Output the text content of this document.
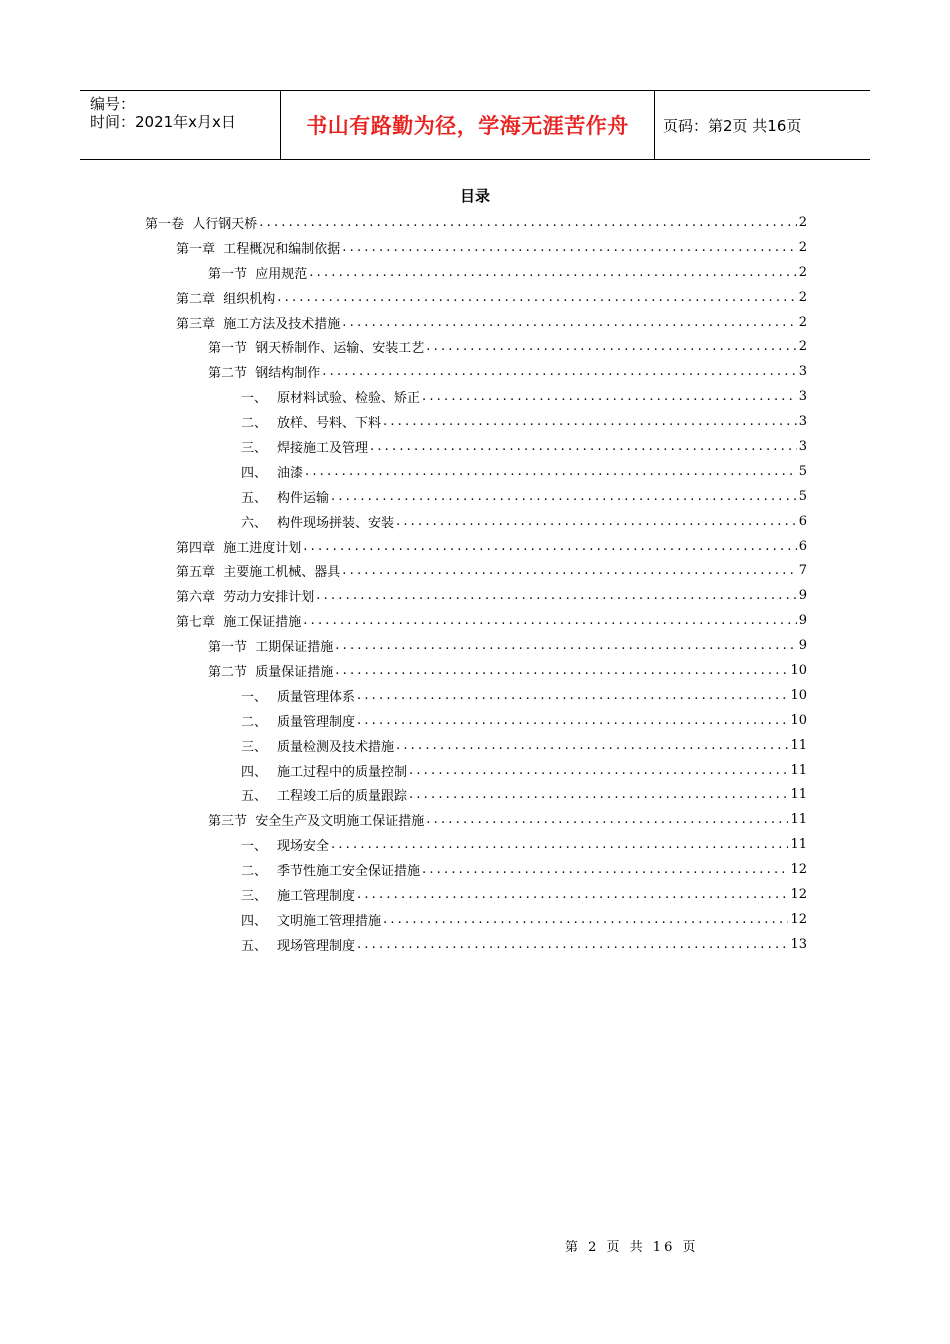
编号：
时间：2021年x月x日	书山有路勤为径，学海无涯苦作舟	页码：第2页 共16页
目录
第一卷 人行钢天桥 .....	2
第一章 工程概况和编制依据 .....	2
第一节 应用规范 .....	2
第二章 组织机构 .....	2
第三章 施工方法及技术措施 .....	2
第一节 钢天桥制作、运输、安装工艺 .....	2
第二节 钢结构制作 .....	3
一、 原材料试验、检验、矫正 .....	3
二、 放样、号料、下料 .....	3
三、 焊接施工及管理 .....	3
四、 油漆 .....	5
五、 构件运输 .....	5
六、 构件现场拼装、安装 .....	6
第四章 施工进度计划 .....	6
第五章 主要施工机械、器具 .....	7
第六章 劳动力安排计划 .....	9
第七章 施工保证措施 .....	9
第一节 工期保证措施 .....	9
第二节 质量保证措施 .....	10
一、 质量管理体系 .....	10
二、 质量管理制度 .....	10
三、 质量检测及技术措施 .....	11
四、 施工过程中的质量控制 .....	11
五、 工程竣工后的质量跟踪 .....	11
第三节 安全生产及文明施工保证措施 .....	11
一、 现场安全 .....	11
二、 季节性施工安全保证措施 .....	12
三、 施工管理制度 .....	12
四、 文明施工管理措施 .....	12
五、 现场管理制度 .....	13
第 2 页 共 16 页
